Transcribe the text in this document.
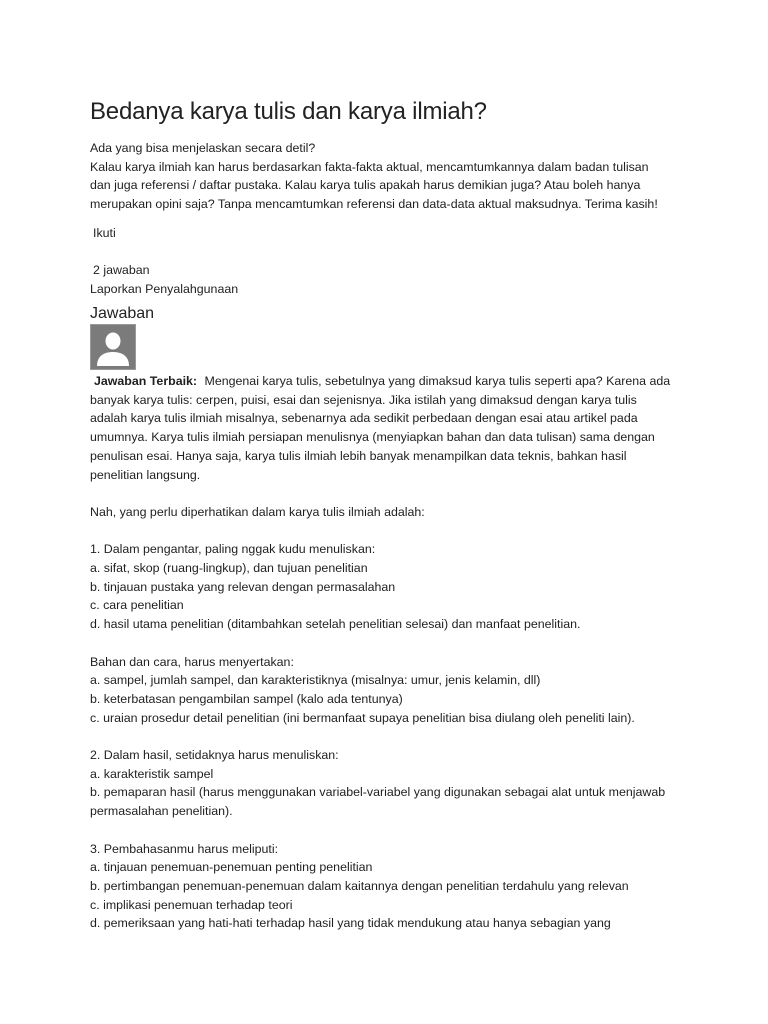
Bedanya karya tulis dan karya ilmiah?
Ada yang bisa menjelaskan secara detil?
Kalau karya ilmiah kan harus berdasarkan fakta-fakta aktual, mencamtumkannya dalam badan tulisan
dan juga referensi / daftar pustaka. Kalau karya tulis apakah harus demikian juga? Atau boleh hanya
merupakan opini saja? Tanpa mencamtumkan referensi dan data-data aktual maksudnya. Terima kasih!
Ikuti
2 jawaban
Laporkan Penyalahgunaan
Jawaban
Jawaban Terbaik: Mengenai karya tulis, sebetulnya yang dimaksud karya tulis seperti apa? Karena ada
banyak karya tulis: cerpen, puisi, esai dan sejenisnya. Jika istilah yang dimaksud dengan karya tulis
adalah karya tulis ilmiah misalnya, sebenarnya ada sedikit perbedaan dengan esai atau artikel pada
umumnya. Karya tulis ilmiah persiapan menulisnya (menyiapkan bahan dan data tulisan) sama dengan
penulisan esai. Hanya saja, karya tulis ilmiah lebih banyak menampilkan data teknis, bahkan hasil
penelitian langsung.
Nah, yang perlu diperhatikan dalam karya tulis ilmiah adalah:
1. Dalam pengantar, paling nggak kudu menuliskan:
a. sifat, skop (ruang-lingkup), dan tujuan penelitian
b. tinjauan pustaka yang relevan dengan permasalahan
c. cara penelitian
d. hasil utama penelitian (ditambahkan setelah penelitian selesai) dan manfaat penelitian.
Bahan dan cara, harus menyertakan:
a. sampel, jumlah sampel, dan karakteristiknya (misalnya: umur, jenis kelamin, dll)
b. keterbatasan pengambilan sampel (kalo ada tentunya)
c. uraian prosedur detail penelitian (ini bermanfaat supaya penelitian bisa diulang oleh peneliti lain).
2. Dalam hasil, setidaknya harus menuliskan:
a. karakteristik sampel
b. pemaparan hasil (harus menggunakan variabel-variabel yang digunakan sebagai alat untuk menjawab
permasalahan penelitian).
3. Pembahasanmu harus meliputi:
a. tinjauan penemuan-penemuan penting penelitian
b. pertimbangan penemuan-penemuan dalam kaitannya dengan penelitian terdahulu yang relevan
c. implikasi penemuan terhadap teori
d. pemeriksaan yang hati-hati terhadap hasil yang tidak mendukung atau hanya sebagian yang
